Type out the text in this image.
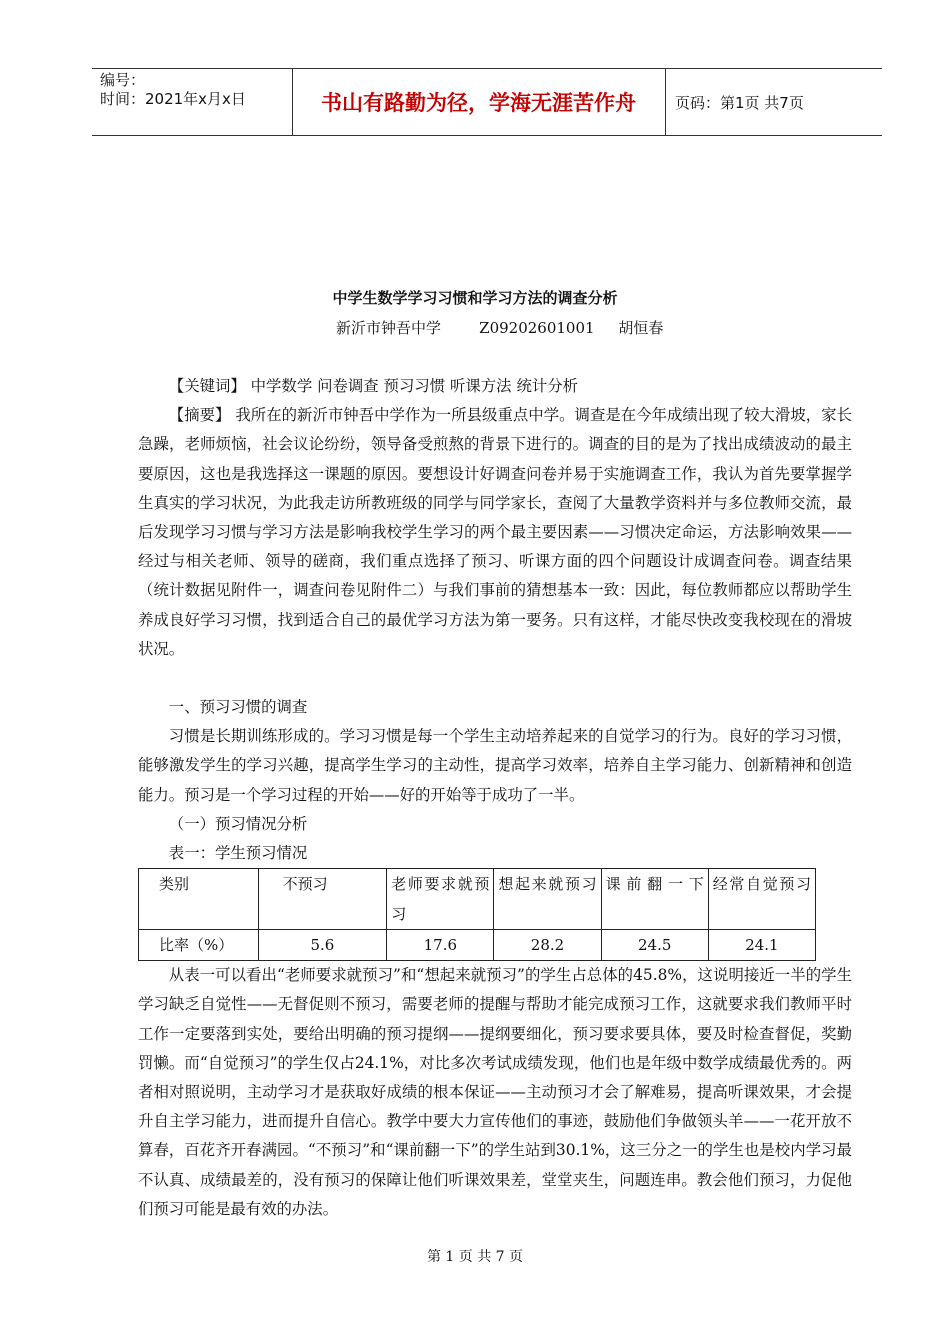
编号：
时间：2021年x月x日	书山有路勤为径，学海无涯苦作舟	页码：第1页 共7页
中学生数学学习习惯和学习方法的调查分析
新沂市钟吾中学        Z09202601001     胡恒春

【关键词】 中学数学 问卷调查 预习习惯 听课方法 统计分析

【摘要】 我所在的新沂市钟吾中学作为一所县级重点中学。调查是在今年成绩出现了较大滑坡，家长急躁，老师烦恼，社会议论纷纷，领导备受煎熬的背景下进行的。调查的目的是为了找出成绩波动的最主要原因，这也是我选择这一课题的原因。要想设计好调查问卷并易于实施调查工作，我认为首先要掌握学生真实的学习状况，为此我走访所教班级的同学与同学家长，查阅了大量教学资料并与多位教师交流，最后发现学习习惯与学习方法是影响我校学生学习的两个最主要因素——习惯决定命运，方法影响效果——经过与相关老师、领导的磋商，我们重点选择了预习、听课方面的四个问题设计成调查问卷。调查结果（统计数据见附件一，调查问卷见附件二）与我们事前的猜想基本一致：因此，每位教师都应以帮助学生养成良好学习习惯，找到适合自己的最优学习方法为第一要务。只有这样，才能尽快改变我校现在的滑坡状况。

一、预习习惯的调查

习惯是长期训练形成的。学习习惯是每一个学生主动培养起来的自觉学习的行为。良好的学习习惯，能够激发学生的学习兴趣，提高学生学习的主动性，提高学习效率，培养自主学习能力、创新精神和创造能力。预习是一个学习过程的开始——好的开始等于成功了一半。

（一）预习情况分析

表一：学生预习情况

类别	不预习	老师要求就预习	想起来就预习	课前翻一下	经常自觉预习

比率（%）	5.6	17.6	28.2	24.5	24.1

从表一可以看出“老师要求就预习”和“想起来就预习”的学生占总体的45.8%，这说明接近一半的学生学习缺乏自觉性——无督促则不预习，需要老师的提醒与帮助才能完成预习工作，这就要求我们教师平时工作一定要落到实处，要给出明确的预习提纲——提纲要细化，预习要求要具体，要及时检查督促，奖勤罚懒。而“自觉预习”的学生仅占24.1%，对比多次考试成绩发现，他们也是年级中数学成绩最优秀的。两者相对照说明，主动学习才是获取好成绩的根本保证——主动预习才会了解难易，提高听课效果，才会提升自主学习能力，进而提升自信心。教学中要大力宣传他们的事迹，鼓励他们争做领头羊——一花开放不算春，百花齐开春满园。“不预习”和“课前翻一下”的学生站到30.1%，这三分之一的学生也是校内学习最不认真、成绩最差的，没有预习的保障让他们听课效果差，堂堂夹生，问题连串。教会他们预习，力促他们预习可能是最有效的办法。

第 1 页 共 7 页
